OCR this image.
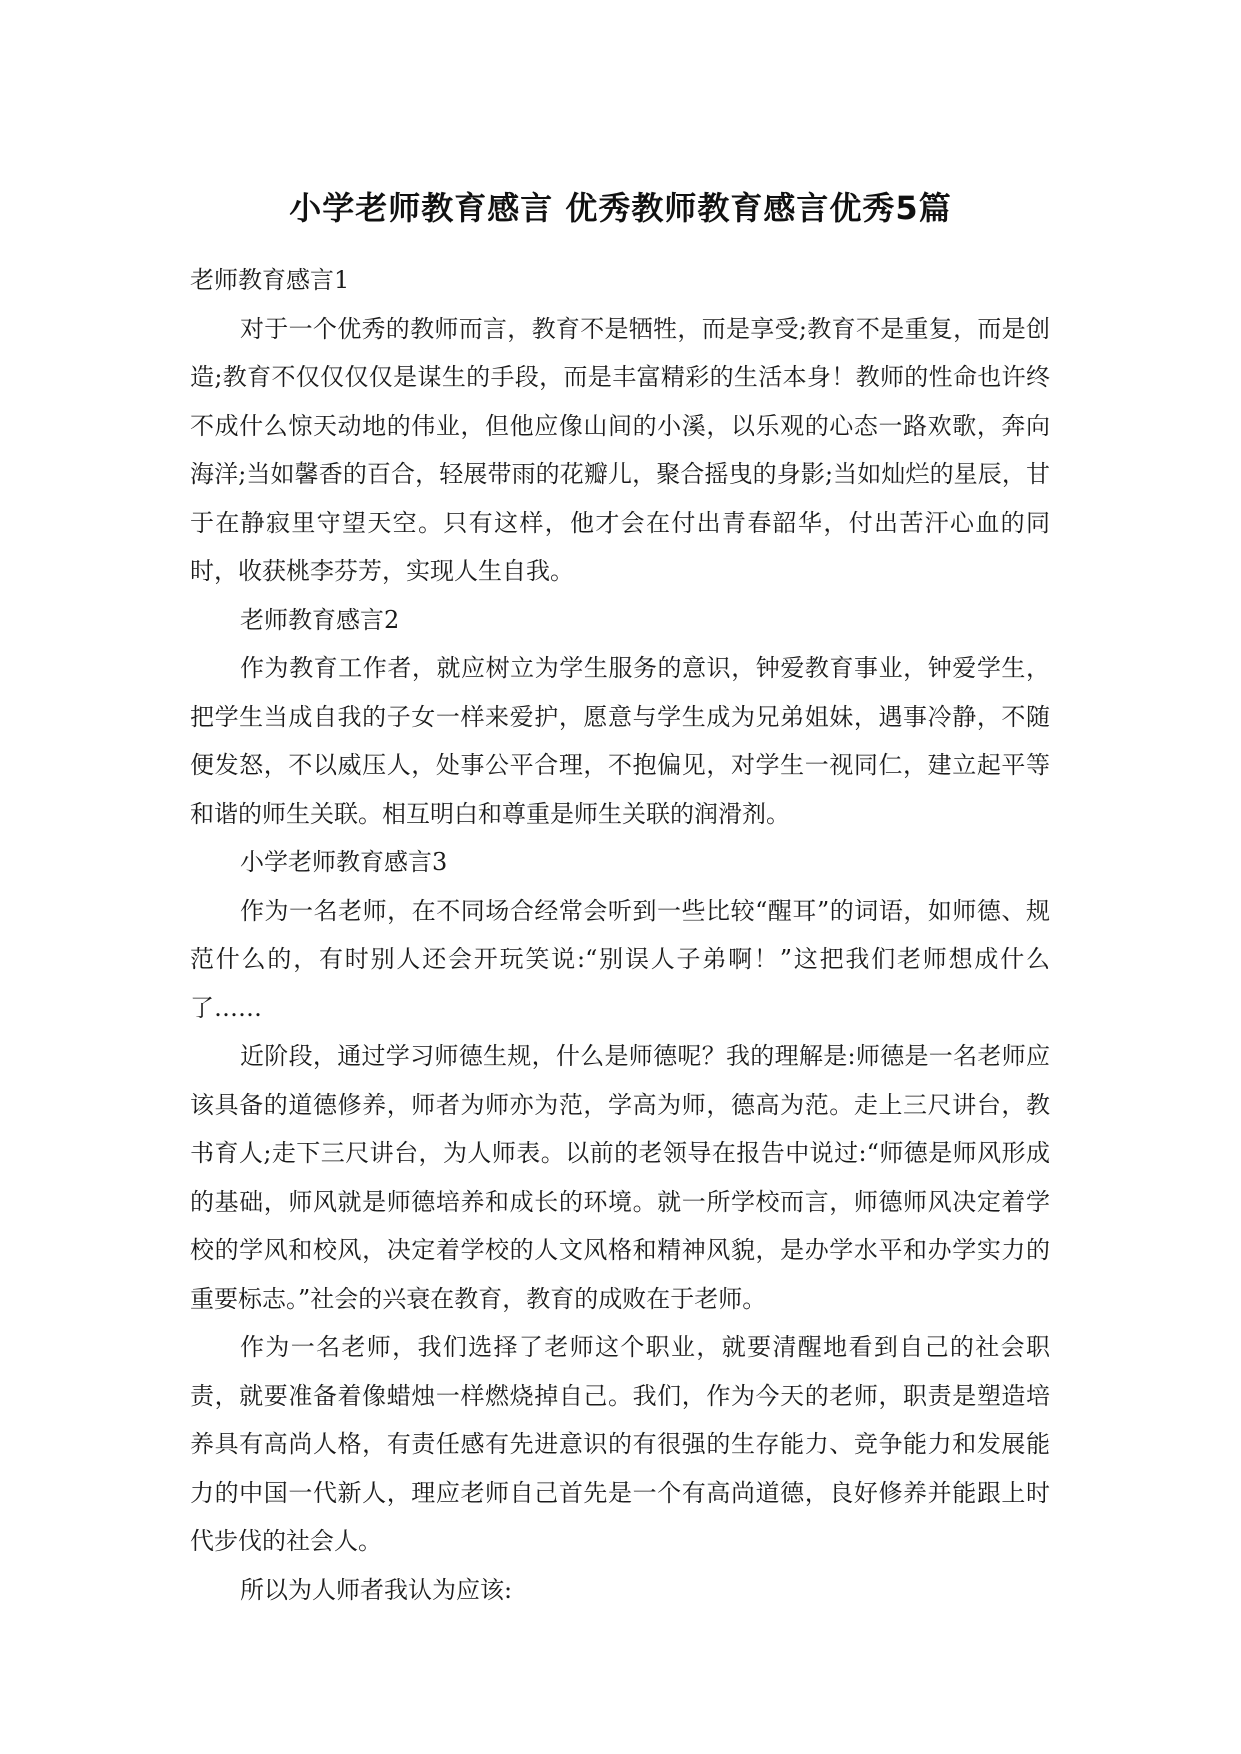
小学老师教育感言 优秀教师教育感言优秀5篇

老师教育感言1

对于一个优秀的教师而言，教育不是牺牲，而是享受;教育不是重复，而是创造;教育不仅仅仅仅是谋生的手段，而是丰富精彩的生活本身！教师的性命也许终不成什么惊天动地的伟业，但他应像山间的小溪，以乐观的心态一路欢歌，奔向海洋;当如馨香的百合，轻展带雨的花瓣儿，聚合摇曳的身影;当如灿烂的星辰，甘于在静寂里守望天空。只有这样，他才会在付出青春韶华，付出苦汗心血的同时，收获桃李芬芳，实现人生自我。

老师教育感言2

作为教育工作者，就应树立为学生服务的意识，钟爱教育事业，钟爱学生，把学生当成自我的子女一样来爱护，愿意与学生成为兄弟姐妹，遇事冷静，不随便发怒，不以威压人，处事公平合理，不抱偏见，对学生一视同仁，建立起平等和谐的师生关联。相互明白和尊重是师生关联的润滑剂。

小学老师教育感言3

作为一名老师，在不同场合经常会听到一些比较“醒耳”的词语，如师德、规范什么的，有时别人还会开玩笑说:“别误人子弟啊！”这把我们老师想成什么了……

近阶段，通过学习师德生规，什么是师德呢？我的理解是:师德是一名老师应该具备的道德修养，师者为师亦为范，学高为师，德高为范。走上三尺讲台，教书育人;走下三尺讲台，为人师表。以前的老领导在报告中说过:“师德是师风形成的基础，师风就是师德培养和成长的环境。就一所学校而言，师德师风决定着学校的学风和校风，决定着学校的人文风格和精神风貌，是办学水平和办学实力的重要标志。”社会的兴衰在教育，教育的成败在于老师。

作为一名老师，我们选择了老师这个职业，就要清醒地看到自己的社会职责，就要准备着像蜡烛一样燃烧掉自己。我们，作为今天的老师，职责是塑造培养具有高尚人格，有责任感有先进意识的有很强的生存能力、竞争能力和发展能力的中国一代新人，理应老师自己首先是一个有高尚道德，良好修养并能跟上时代步伐的社会人。

所以为人师者我认为应该:
